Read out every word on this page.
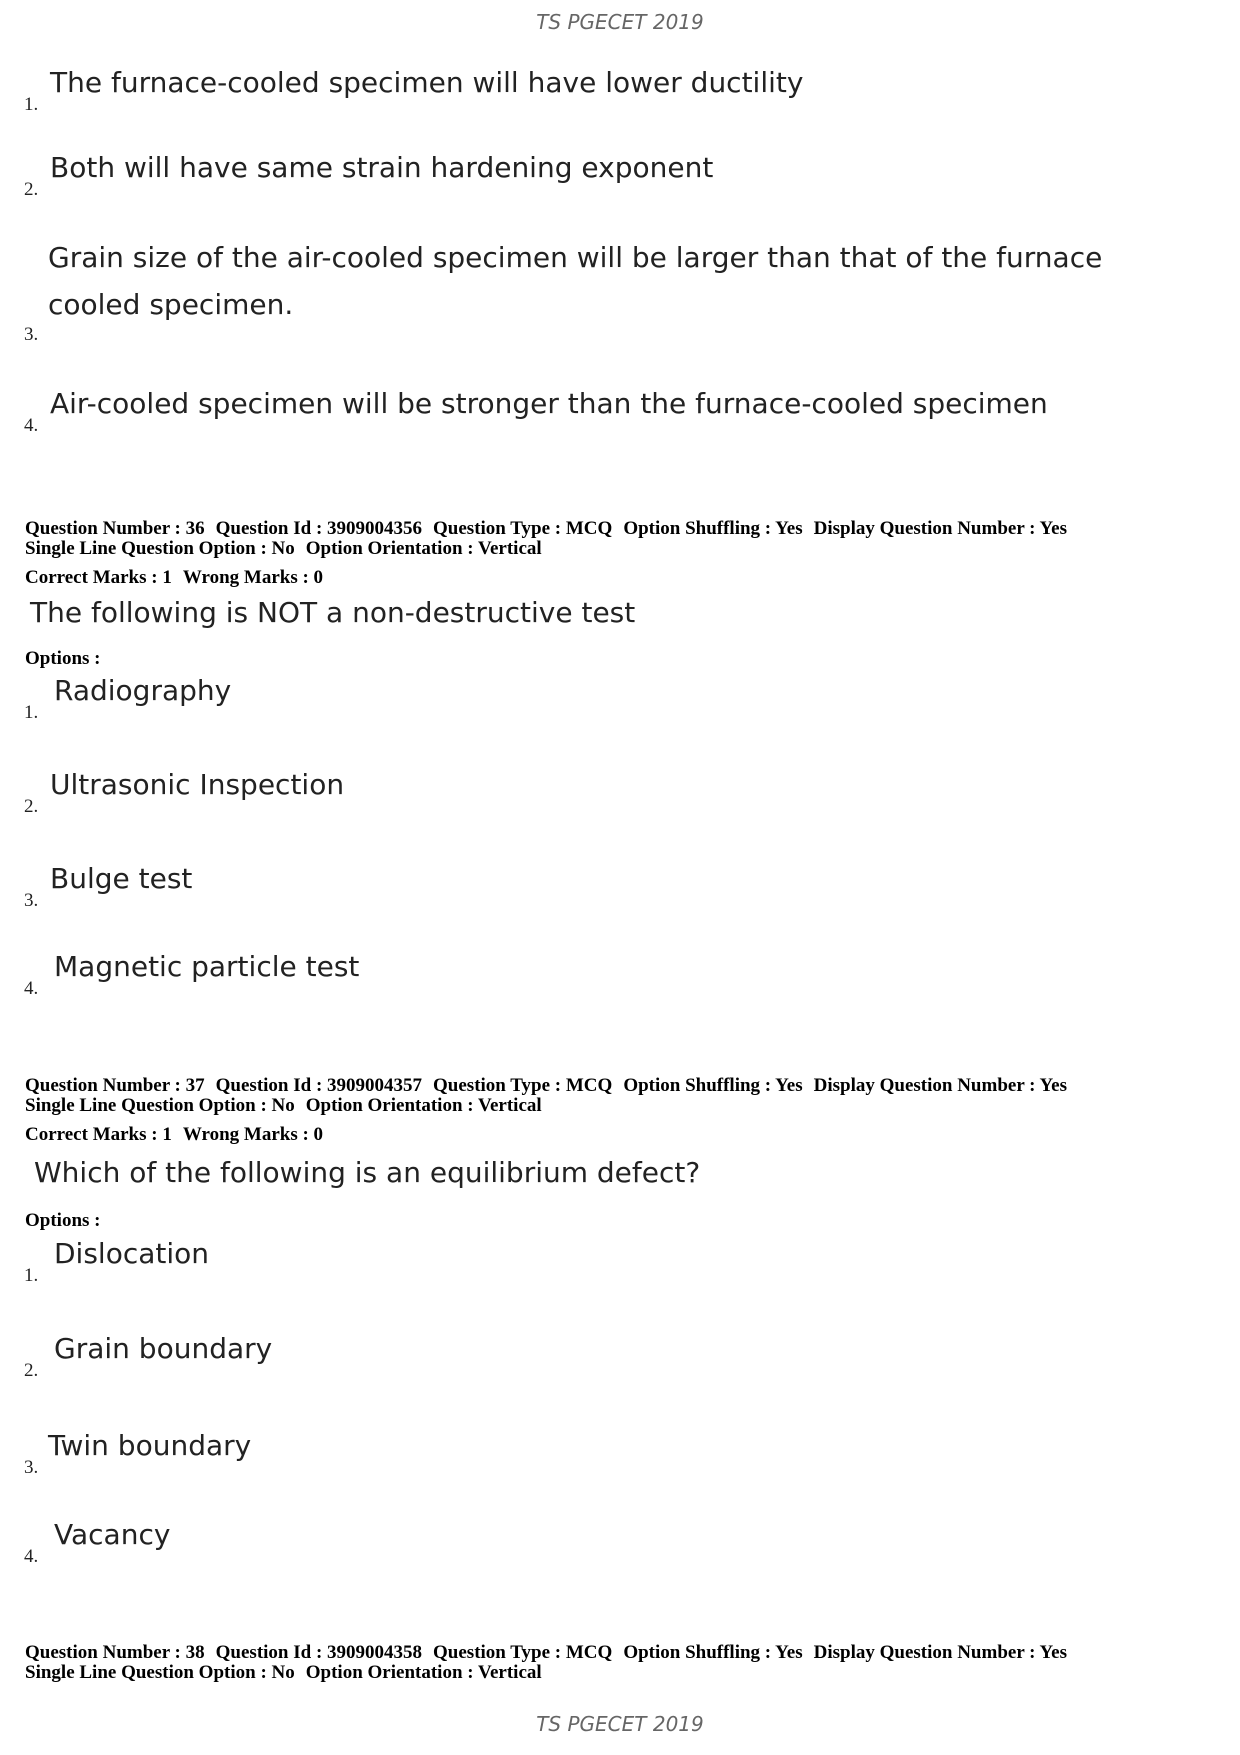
TS PGECET 2019
1.
The furnace-cooled specimen will have lower ductility
2.
Both will have same strain hardening exponent
3.
Grain size of the air-cooled specimen will be larger than that of the furnace cooled specimen.
4.
Air-cooled specimen will be stronger than the furnace-cooled specimen
Question Number : 36 Question Id : 3909004356 Question Type : MCQ Option Shuffling : Yes Display Question Number : Yes
Single Line Question Option : No Option Orientation : Vertical
Correct Marks : 1 Wrong Marks : 0
The following is NOT a non-destructive test
Options :
1.
Radiography
2.
Ultrasonic Inspection
3.
Bulge test
4.
Magnetic particle test
Question Number : 37 Question Id : 3909004357 Question Type : MCQ Option Shuffling : Yes Display Question Number : Yes
Single Line Question Option : No Option Orientation : Vertical
Correct Marks : 1 Wrong Marks : 0
Which of the following is an equilibrium defect?
Options :
1.
Dislocation
2.
Grain boundary
3.
Twin boundary
4.
Vacancy
Question Number : 38 Question Id : 3909004358 Question Type : MCQ Option Shuffling : Yes Display Question Number : Yes
Single Line Question Option : No Option Orientation : Vertical
TS PGECET 2019
